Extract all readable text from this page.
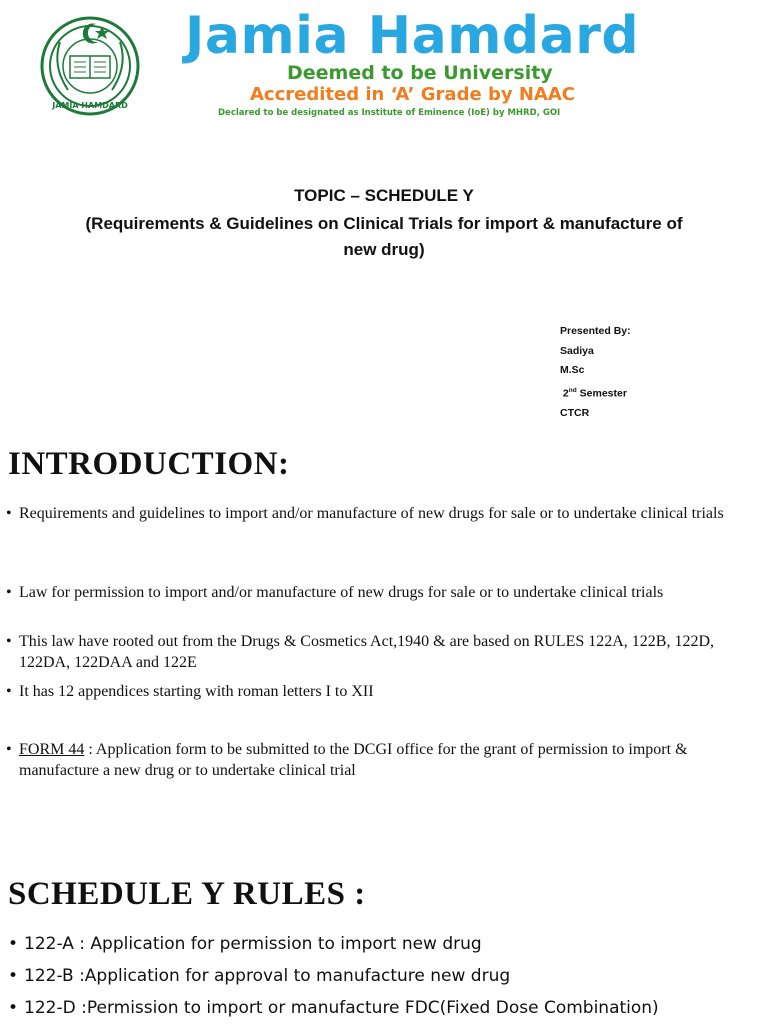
JAMIA HAMDARD
Jamia Hamdard
Deemed to be University
Accredited in ‘A’ Grade by NAAC
Declared to be designated as Institute of Eminence (IoE) by MHRD, GOI
TOPIC – SCHEDULE Y
(Requirements & Guidelines on Clinical Trials for import & manufacture of
new drug)
Presented By:
Sadiya
M.Sc
2nd Semester
CTCR
INTRODUCTION:
• Requirements and guidelines to import and/or manufacture of new drugs for sale or to undertake clinical trials
• Law for permission to import and/or manufacture of new drugs for sale or to undertake clinical trials
• This law have rooted out from the Drugs & Cosmetics Act,1940 & are based on RULES 122A, 122B, 122D, 122DA, 122DAA and 122E
• It has 12 appendices starting with roman letters I to XII
• FORM 44 : Application form to be submitted to the DCGI office for the grant of permission to import & manufacture a new drug or to undertake clinical trial
SCHEDULE Y RULES :
• 122-A : Application for permission to import new drug
• 122-B :Application for approval to manufacture new drug
• 122-D :Permission to import or manufacture FDC(Fixed Dose Combination)
